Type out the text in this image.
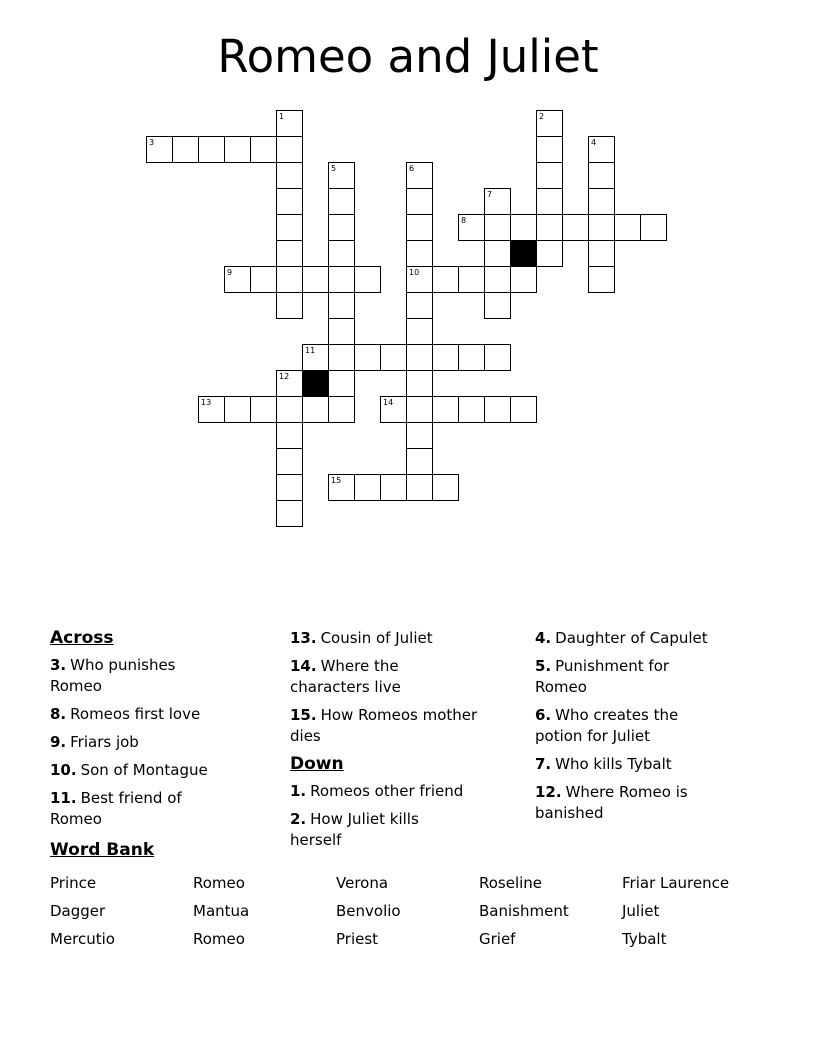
Romeo and Juliet
1	2
3	4
5	6
10
7
8
9
11
12
13	14
15
Across
3. Who punishes
Romeo
8. Romeos first love
9. Friars job
10. Son of Montague
11. Best friend of
Romeo
13. Cousin of Juliet
14. Where the
characters live
15. How Romeos mother
dies
Down
1. Romeos other friend
2. How Juliet kills
herself
4. Daughter of Capulet
5. Punishment for
Romeo
6. Who creates the
potion for Juliet
7. Who kills Tybalt
12. Where Romeo is
banished
Word Bank
Prince	Romeo	Verona	Roseline	Friar Laurence
Dagger	Mantua	Benvolio	Banishment	Juliet
Mercutio	Romeo	Priest	Grief	Tybalt
